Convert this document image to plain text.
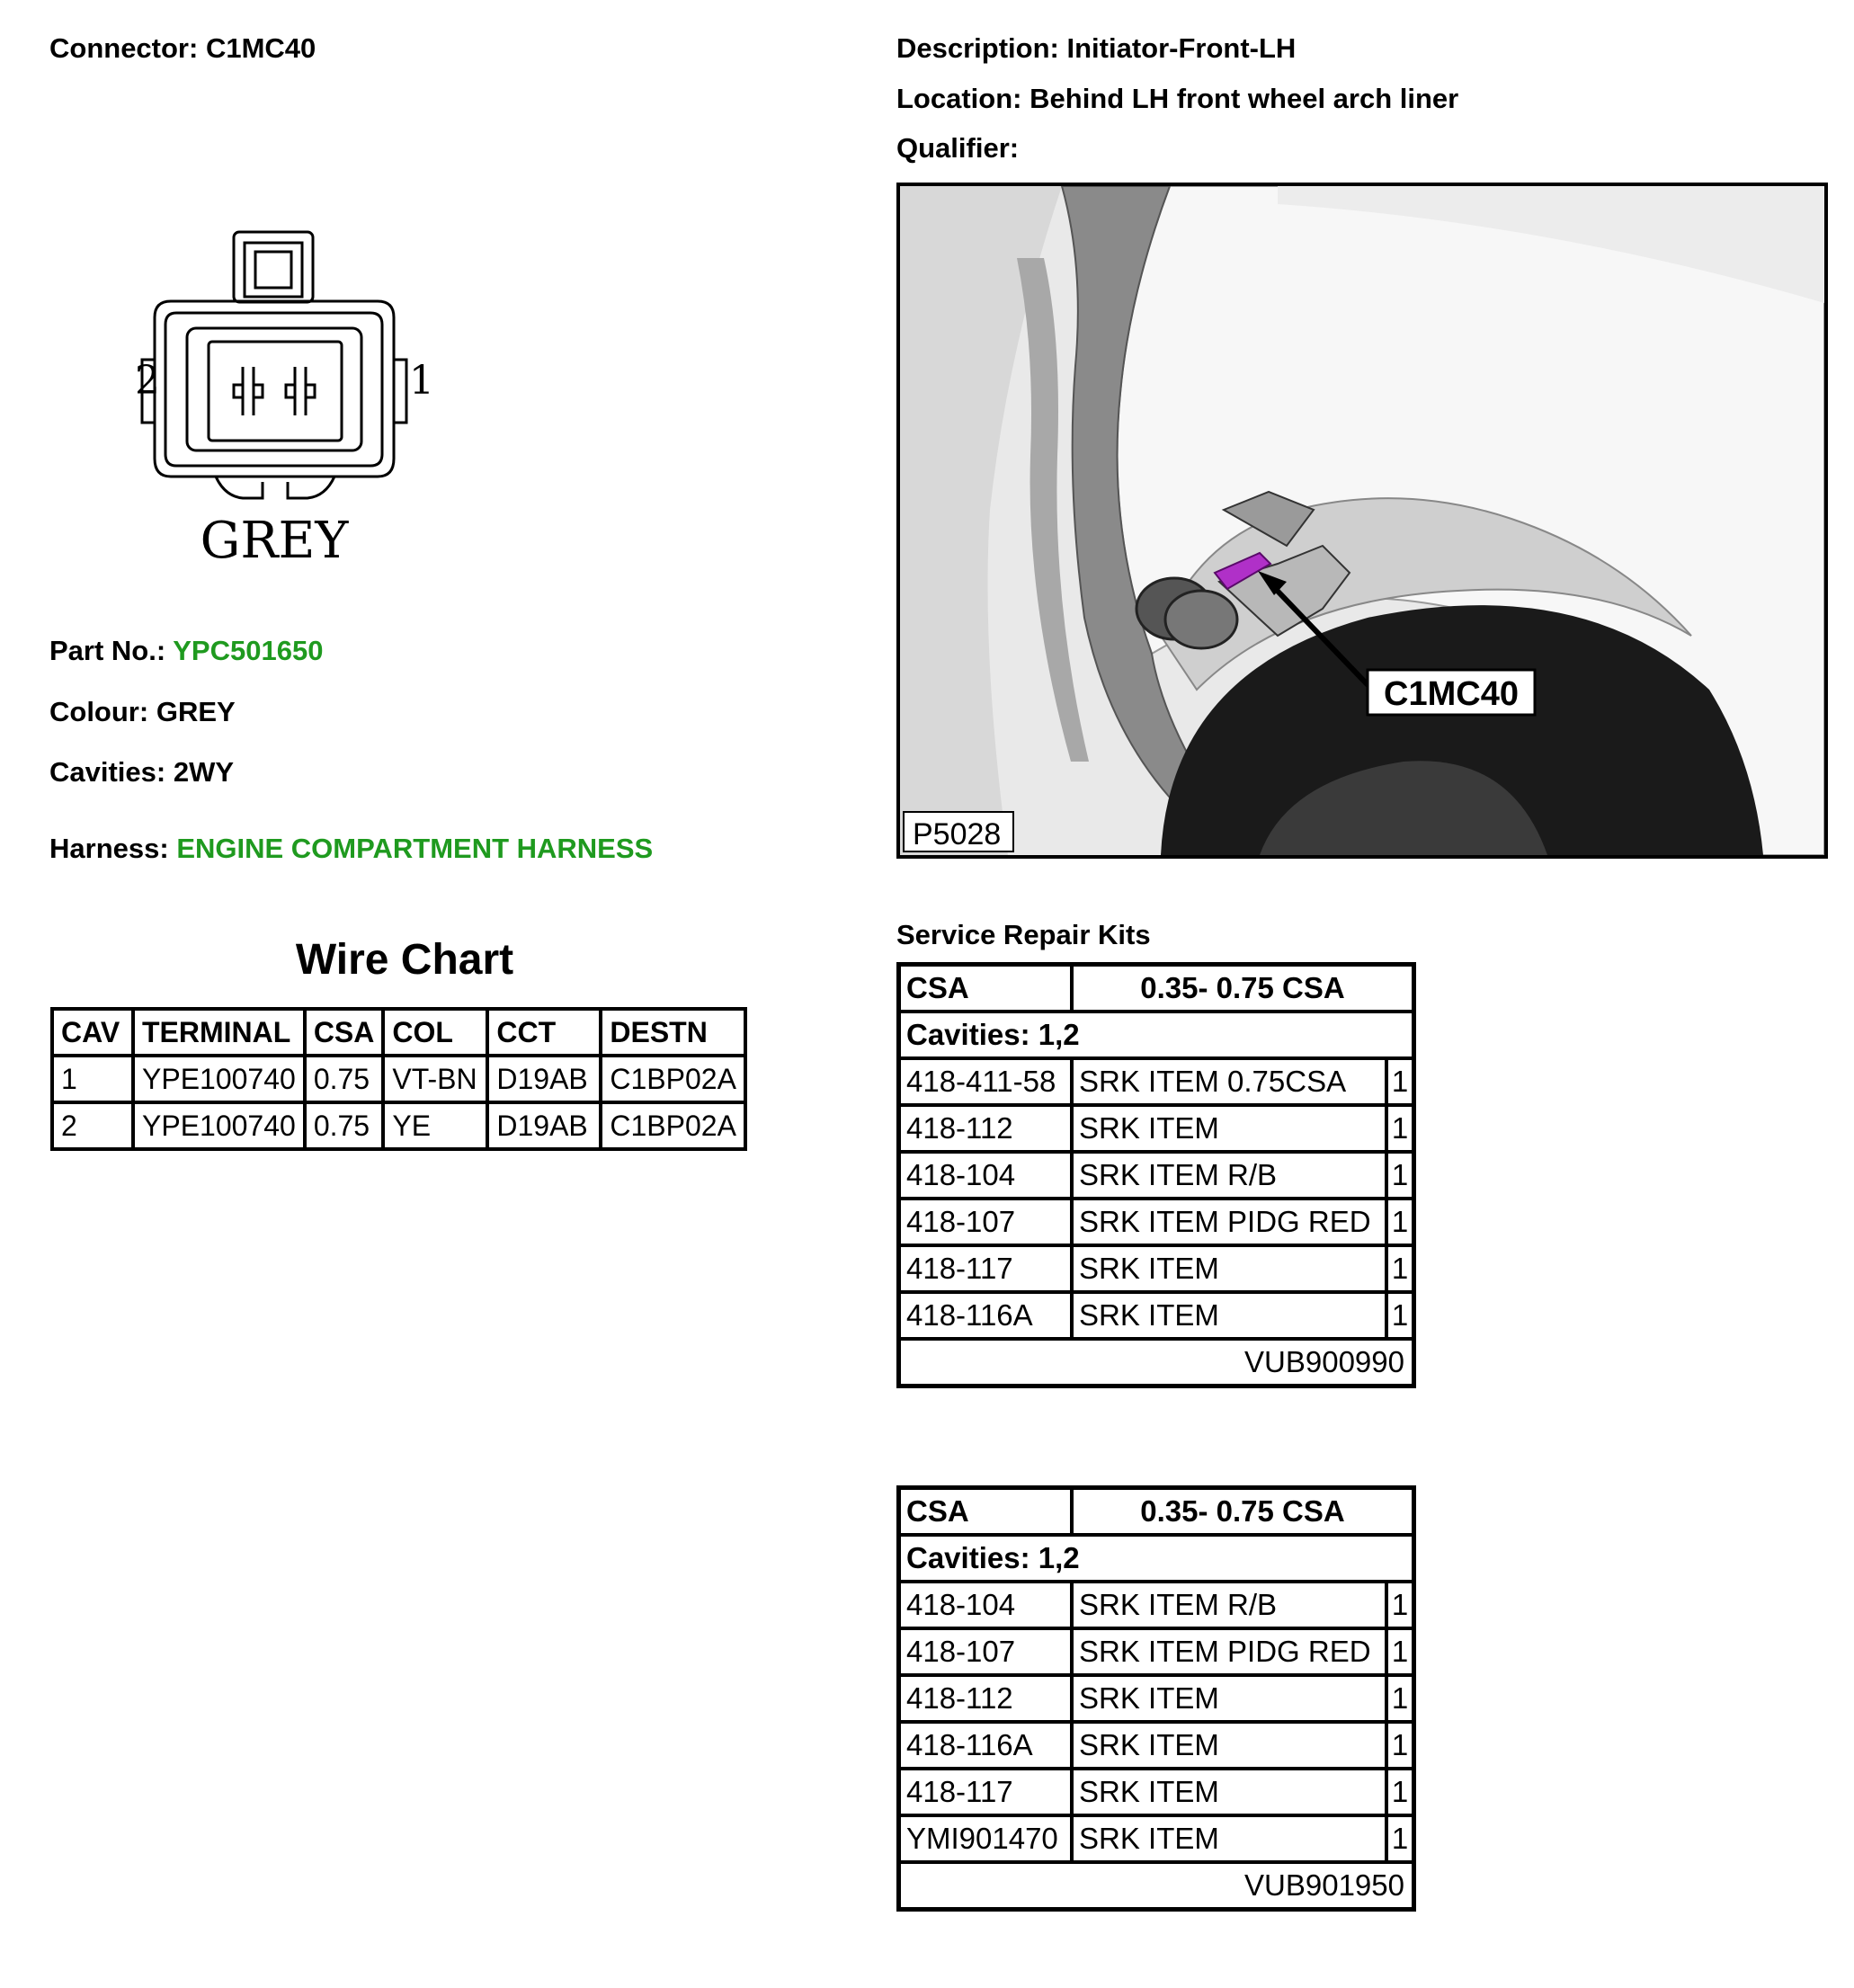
Connector: C1MC40	Description: Initiator-Front-LH
Location: Behind LH front wheel arch liner
Qualifier:
2	1
GREY
Part No.: YPC501650
Colour: GREY
Cavities: 2WY
Harness: ENGINE COMPARTMENT HARNESS
Wire Chart
CAV	TERMINAL	CSA	COL	CCT	DESTN
1	YPE100740	0.75	VT-BN	D19AB	C1BP02A
2	YPE100740	0.75	YE	D19AB	C1BP02A
C1MC40
P5028
Service Repair Kits
CSA	0.35- 0.75 CSA	
Cavities: 1,2		
418-411-58	SRK ITEM 0.75CSA	1
418-112	SRK ITEM	1
418-104	SRK ITEM R/B	1
418-107	SRK ITEM PIDG RED	1
418-117	SRK ITEM	1
418-116A	SRK ITEM	1
VUB900990		
CSA	0.35- 0.75 CSA	
Cavities: 1,2		
418-104	SRK ITEM R/B	1
418-107	SRK ITEM PIDG RED	1
418-112	SRK ITEM	1
418-116A	SRK ITEM	1
418-117	SRK ITEM	1
YMI901470	SRK ITEM	1
VUB901950		
